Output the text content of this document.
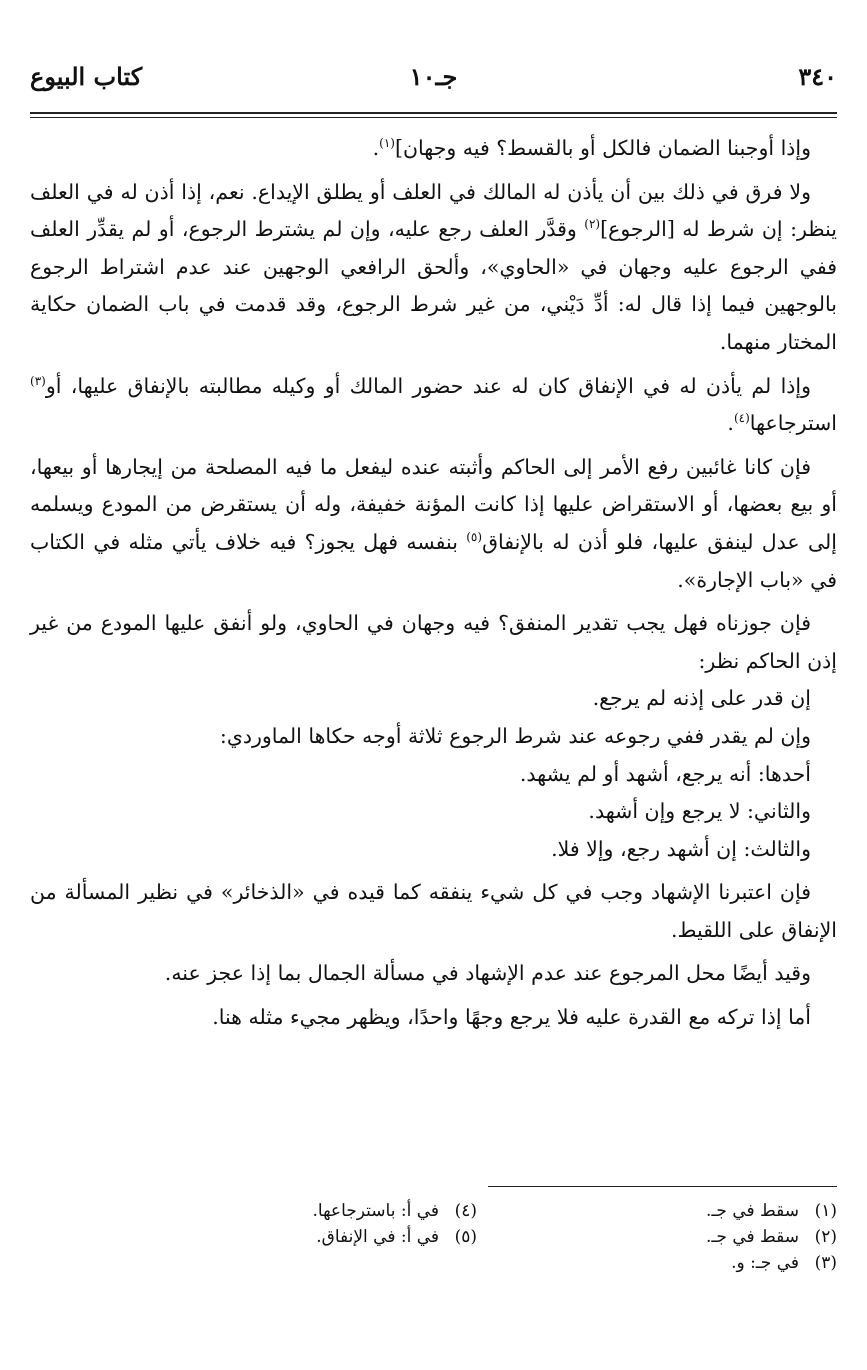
٣٤٠
جـ١٠
كتاب البيوع

وإذا أوجبنا الضمان فالكل أو بالقسط؟ فيه وجهان]$^{(١)}$.

ولا فرق في ذلك بين أن يأذن له المالك في العلف أو يطلق الإيداع. نعم، إذا أذن له في العلف ينظر: إن شرط له [الرجوع]$^{(٢)}$ وقدَّر العلف رجع عليه، وإن لم يشترط الرجوع، أو لم يقدِّر العلف ففي الرجوع عليه وجهان في «الحاوي»، وألحق الرافعي الوجهين عند عدم اشتراط الرجوع بالوجهين فيما إذا قال له: أدِّ دَيْني، من غير شرط الرجوع، وقد قدمت في باب الضمان حكاية المختار منهما.

وإذا لم يأذن له في الإنفاق كان له عند حضور المالك أو وكيله مطالبته بالإنفاق عليها، أو$^{(٣)}$ استرجاعها$^{(٤)}$.

فإن كانا غائبين رفع الأمر إلى الحاكم وأثبته عنده ليفعل ما فيه المصلحة من إيجارها أو بيعها، أو بيع بعضها، أو الاستقراض عليها إذا كانت المؤنة خفيفة، وله أن يستقرض من المودع ويسلمه إلى عدل لينفق عليها، فلو أذن له بالإنفاق$^{(٥)}$ بنفسه فهل يجوز؟ فيه خلاف يأتي مثله في الكتاب في «باب الإجارة».

فإن جوزناه فهل يجب تقدير المنفق؟ فيه وجهان في الحاوي، ولو أنفق عليها المودع من غير إذن الحاكم نظر:

إن قدر على إذنه لم يرجع.

وإن لم يقدر ففي رجوعه عند شرط الرجوع ثلاثة أوجه حكاها الماوردي:

أحدها: أنه يرجع، أشهد أو لم يشهد.

والثاني: لا يرجع وإن أشهد.

والثالث: إن أشهد رجع، وإلا فلا.

فإن اعتبرنا الإشهاد وجب في كل شيء ينفقه كما قيده في «الذخائر» في نظير المسألة من الإنفاق على اللقيط.

وقيد أيضًا محل المرجوع عند عدم الإشهاد في مسألة الجمال بما إذا عجز عنه.

أما إذا تركه مع القدرة عليه فلا يرجع وجهًا واحدًا، ويظهر مجيء مثله هنا.

(١)سقط في جـ.
(٢)سقط في جـ.
(٣)في جـ: و.
(٤)في أ: باسترجاعها.
(٥)في أ: في الإنفاق.
